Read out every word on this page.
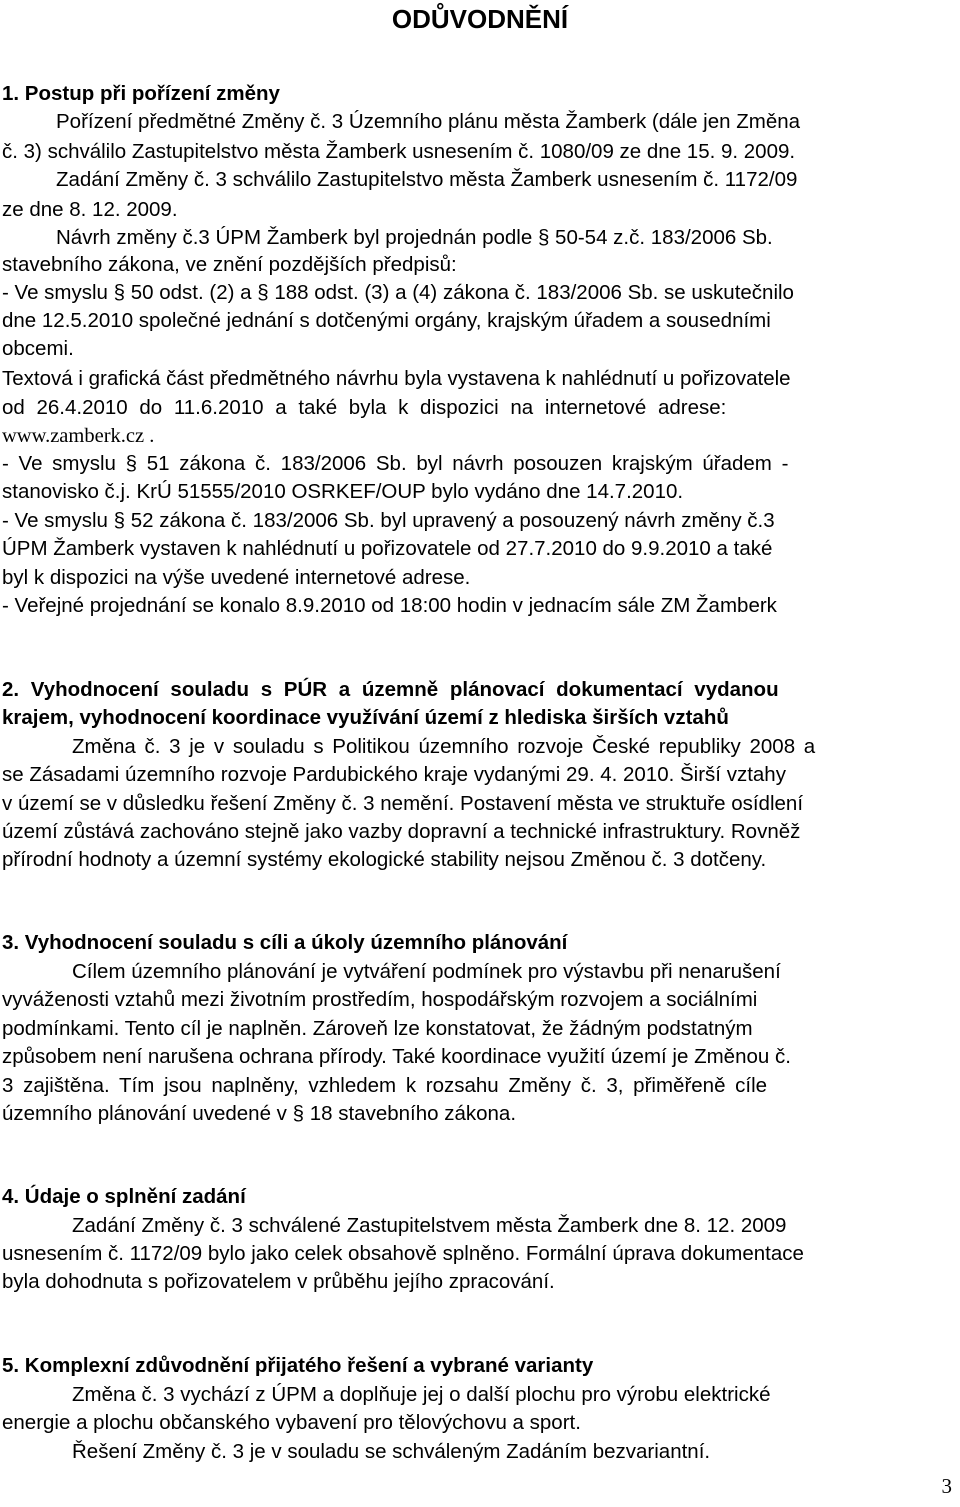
ODŮVODNĚNÍ
1. Postup při pořízení změny
Pořízení předmětné Změny č. 3 Územního plánu města Žamberk (dále jen Změna
č. 3) schválilo Zastupitelstvo města Žamberk usnesením č. 1080/09 ze dne 15. 9. 2009.
Zadání Změny č. 3 schválilo Zastupitelstvo města Žamberk usnesením č. 1172/09
ze dne 8. 12. 2009.
Návrh změny č.3 ÚPM Žamberk byl projednán podle § 50-54 z.č. 183/2006 Sb.
stavebního zákona, ve znění pozdějších předpisů:
- Ve smyslu § 50 odst. (2) a § 188 odst. (3) a (4) zákona č. 183/2006 Sb. se uskutečnilo
dne 12.5.2010 společné jednání s dotčenými orgány, krajským úřadem a sousedními
obcemi.
Textová i grafická část předmětného návrhu byla vystavena k nahlédnutí u pořizovatele
od 26.4.2010 do 11.6.2010 a také byla k dispozici na internetové adrese:
www.zamberk.cz .
- Ve smyslu § 51 zákona č. 183/2006 Sb. byl návrh posouzen krajským úřadem -
stanovisko č.j. KrÚ 51555/2010 OSRKEF/OUP bylo vydáno dne 14.7.2010.
- Ve smyslu § 52 zákona č. 183/2006 Sb. byl upravený a posouzený návrh změny č.3
ÚPM Žamberk vystaven k nahlédnutí u pořizovatele od 27.7.2010 do 9.9.2010 a také
byl k dispozici na výše uvedené internetové adrese.
- Veřejné projednání se konalo 8.9.2010 od 18:00 hodin v jednacím sále ZM Žamberk
2. Vyhodnocení souladu s PÚR a územně plánovací dokumentací vydanou
krajem, vyhodnocení koordinace využívání území z hlediska širších vztahů
Změna č. 3 je v souladu s Politikou územního rozvoje České republiky 2008 a
se Zásadami územního rozvoje Pardubického kraje vydanými 29. 4. 2010. Širší vztahy
v území se v důsledku řešení Změny č. 3 nemění. Postavení města ve struktuře osídlení
území zůstává zachováno stejně jako vazby dopravní a technické infrastruktury. Rovněž
přírodní hodnoty a územní systémy ekologické stability nejsou Změnou č. 3 dotčeny.
3. Vyhodnocení souladu s cíli a úkoly územního plánování
Cílem územního plánování je vytváření podmínek pro výstavbu při nenarušení
vyváženosti vztahů mezi životním prostředím, hospodářským rozvojem a sociálními
podmínkami. Tento cíl je naplněn. Zároveň lze konstatovat, že žádným podstatným
způsobem není narušena ochrana přírody. Také koordinace využití území je Změnou č.
3 zajištěna. Tím jsou naplněny, vzhledem k rozsahu Změny č. 3, přiměřeně cíle
územního plánování uvedené v § 18 stavebního zákona.
4. Údaje o splnění zadání
Zadání Změny č. 3 schválené Zastupitelstvem města Žamberk dne 8. 12. 2009
usnesením č. 1172/09 bylo jako celek obsahově splněno. Formální úprava dokumentace
byla dohodnuta s pořizovatelem v průběhu jejího zpracování.
5. Komplexní zdůvodnění přijatého řešení a vybrané varianty
Změna č. 3 vychází z ÚPM a doplňuje jej o další plochu pro výrobu elektrické
energie a plochu občanského vybavení pro tělovýchovu a sport.
Řešení Změny č. 3 je v souladu se schváleným Zadáním bezvariantní.
3
